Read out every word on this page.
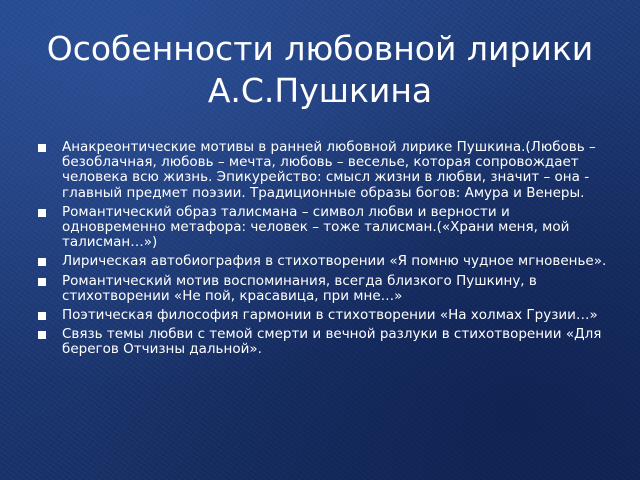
Особенности любовной лирики А.С.Пушкина
Анакреонтические мотивы в ранней любовной лирике Пушкина.(Любовь – безоблачная, любовь – мечта, любовь – веселье, которая сопровождает человека всю жизнь. Эпикурейство: смысл жизни в любви, значит – она - главный предмет поэзии. Традиционные образы богов: Амура и Венеры.
Романтический образ талисмана – символ любви и верности и одновременно метафора: человек – тоже талисман.(«Храни меня, мой талисман…»)
Лирическая автобиография в стихотворении «Я помню чудное мгновенье».
Романтический мотив воспоминания, всегда близкого Пушкину, в стихотворении «Не пой, красавица, при мне…»
Поэтическая философия гармонии в стихотворении «На холмах Грузии…»
Связь темы любви с темой смерти и вечной разлуки в стихотворении «Для берегов Отчизны дальной».
